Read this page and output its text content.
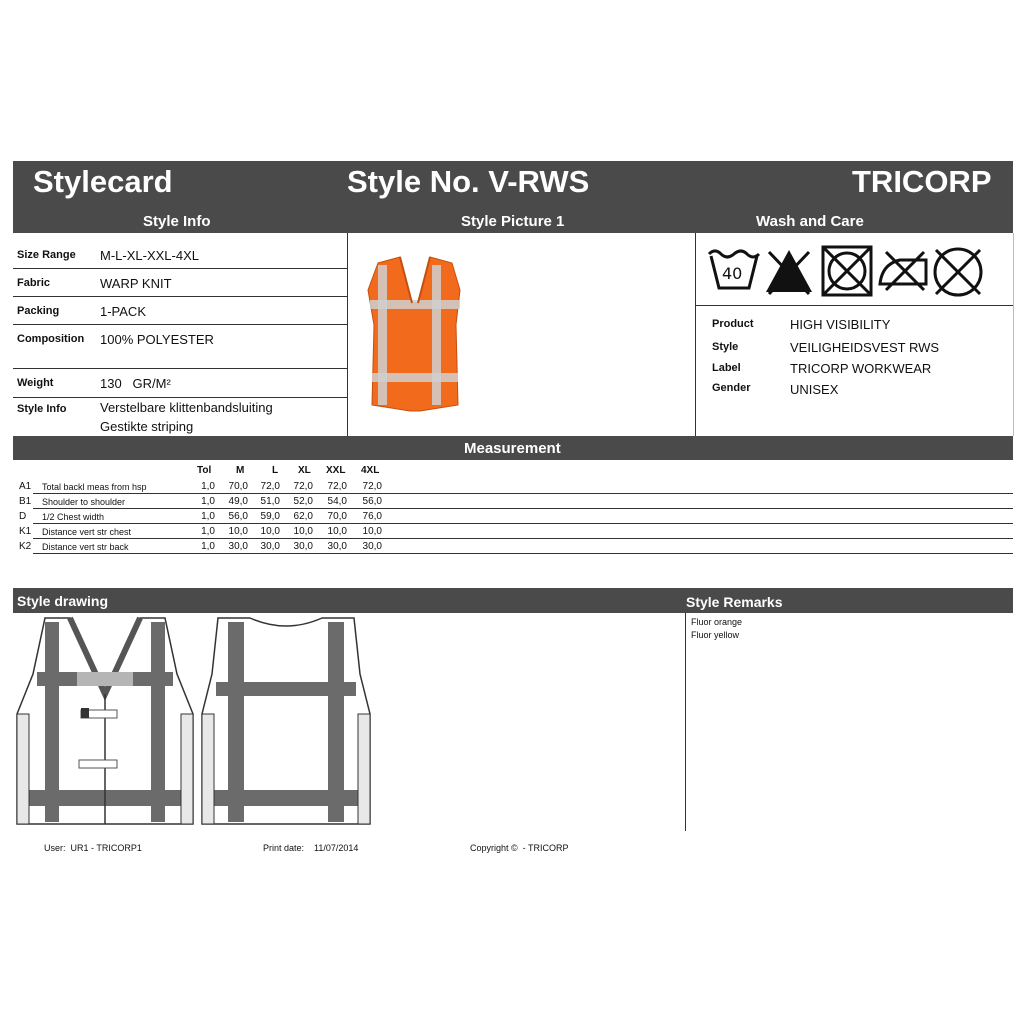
Stylecard	Style No. V-RWS	TRICORP
Style Info	Style Picture 1	Wash and Care
Size Range M-L-XL-XXL-4XL
Fabric	WARP KNIT
Packing	1-PACK
Composition 100% POLYESTER
Weight	130   GR/M²
Style Info	Verstelbare klittenbandsluiting
Gestikte striping
40
Product	HIGH VISIBILITY
Style	VEILIGHEIDSVEST RWS
Label	TRICORP WORKWEAR
Gender	UNISEX
Measurement
Tol M	L XL XXL 4XL
A1 Total backl meas from hsp	1,0	70,0	72,0	72,0	72,0	72,0
B1 Shoulder to shoulder	1,0	49,0	51,0	52,0	54,0	56,0
D 1/2 Chest width	1,0	56,0	59,0	62,0	70,0	76,0
K1 Distance vert str chest	1,0	10,0	10,0	10,0	10,0	10,0
K2 Distance vert str back	1,0	30,0	30,0	30,0	30,0	30,0
Style drawing	Style Remarks
Fluor orange
Fluor yellow
User:  UR1 - TRICORP1	Print date:    11/07/2014	Copyright ©  - TRICORP
